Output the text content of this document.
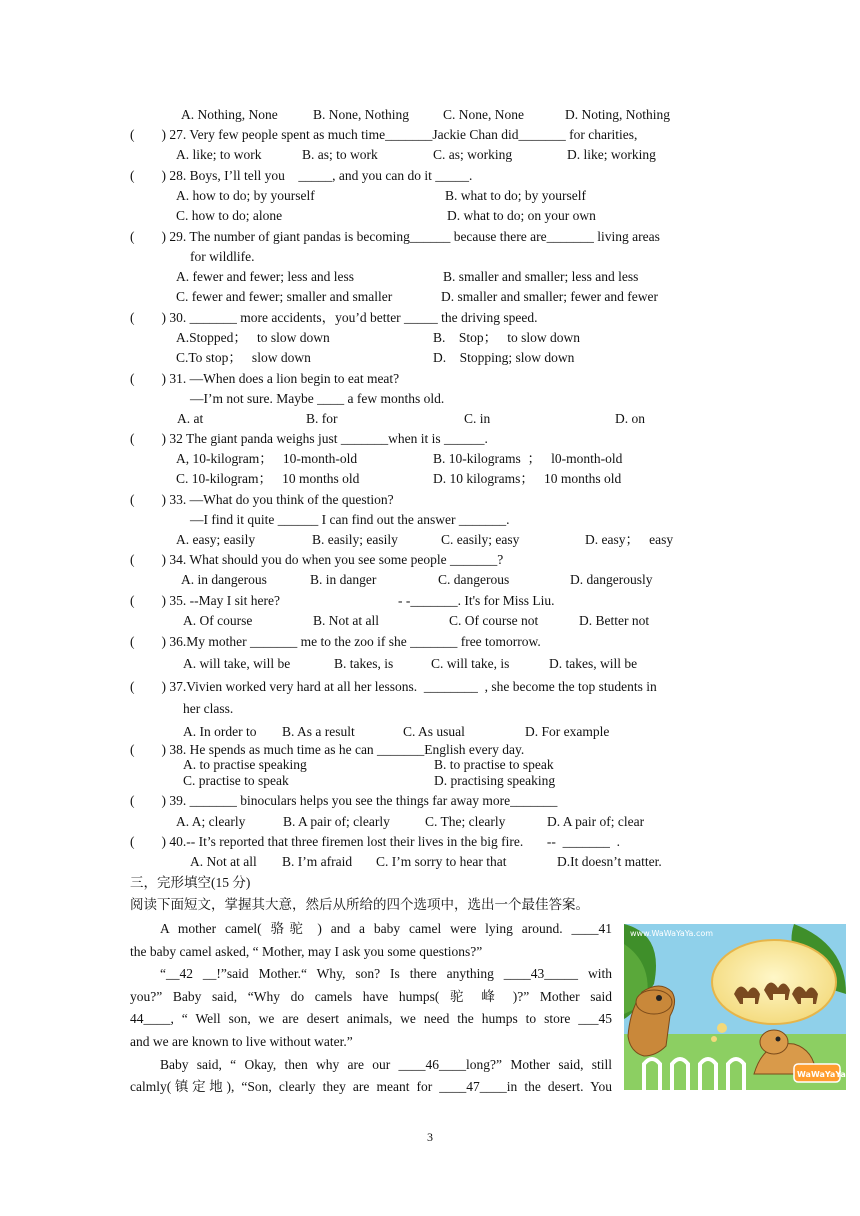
A. Nothing, None	B. None, Nothing	C. None, None	D. Noting, Nothing
(        ) 27. Very few people spent as much time_______Jackie Chan did_______ for charities,
A. like; to work	B. as; to work	C. as; working	D. like; working
(        ) 28. Boys, I’ll tell you    _____, and you can do it _____.
A. how to do; by yourself	B. what to do; by yourself
C. how to do; alone	D. what to do; on your own
(        ) 29. The number of giant pandas is becoming______ because there are_______ living areas
for wildlife.
A. fewer and fewer; less and less	B. smaller and smaller; less and less
C. fewer and fewer; smaller and smaller	D. smaller and smaller; fewer and fewer
(        ) 30. _______ more accidents，you’d better _____ the driving speed.
A.Stopped；   to slow down	B.    Stop；   to slow down
C.To stop；   slow down	D.    Stopping; slow down
(        ) 31. —When does a lion begin to eat meat?
—I’m not sure. Maybe ____ a few months old.
A. at	B. for	C. in	D. on
(        ) 32 The giant panda weighs just _______when it is ______.
A, 10-kilogram；   10-month-old	B. 10-kilograms  ；   l0-month-old
C. 10-kilogram；   10 months old	D. 10 kilograms；   10 months old
(        ) 33. —What do you think of the question?
—I find it quite ______ I can find out the answer _______.
A. easy; easily	B. easily; easily	C. easily; easy	D. easy；   easy
(        ) 34. What should you do when you see some people _______?
A. in dangerous	B. in danger	C. dangerous	D. dangerously
(        ) 35. --May I sit here?	- -_______. It's for Miss Liu.
A. Of course	B. Not at all	C. Of course not	D. Better not
(        ) 36.My mother _______ me to the zoo if she _______ free tomorrow.
A. will take, will be	B. takes, is	C. will take, is	D. takes, will be
(        ) 37.Vivien worked very hard at all her lessons.  ________  , she become the top students in
her class.
A. In order to B. As a result	C. As usual	D. For example
(        ) 38. He spends as much time as he can _______English every day.
A. to practise speaking	B. to practise to speak
C. practise to speak	D. practising speaking
(        ) 39. _______ binoculars helps you see the things far away more_______
A. A; clearly	B. A pair of; clearly	C. The; clearly	D. A pair of; clear
(        ) 40.-- It’s reported that three firemen lost their lives in the big fire.       --  _______  .
A. Not at all B. I’m afraid C. I’m sorry to hear that	D.It doesn’t matter.
三，完形填空(15 分)
阅读下面短文，掌握其大意，然后从所给的四个选项中，选出一个最佳答案。
A mother camel( 骆驼 ) and a baby camel were lying around. ____41
the baby camel asked, “ Mother, may I ask you some questions?”
“__42 __!”said Mother.“ Why, son? Is there anything ____43_____ with
you?” Baby said, “Why do camels have humps( 驼 峰 )?” Mother said
44____, “ Well son, we are desert animals, we need the humps to store ___45
and we are known to live without water.”
Baby said, “ Okay, then why are our ____46____long?” Mother said, still
calmly(镇定地), “Son, clearly they are meant for ____47____in the desert. You
www.WaWaYaYa.com
WaWaYaYa
3
